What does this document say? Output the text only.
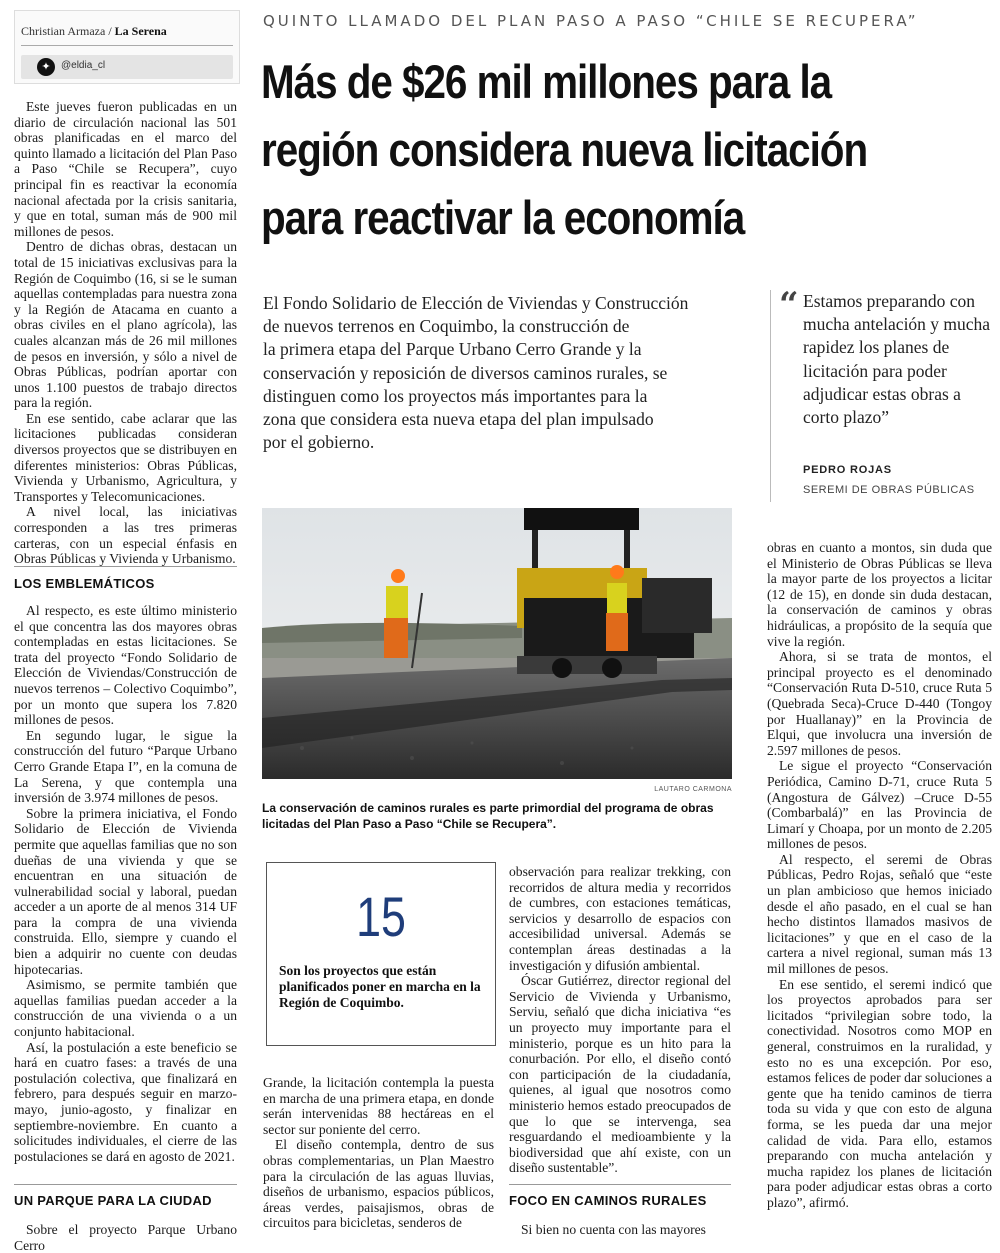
Christian Armaza / La Serena
✦	@eldia_cl
QUINTO LLAMADO DEL PLAN PASO A PASO “CHILE SE RECUPERA”
Más de $26 mil millones para la
región considera nueva licitación
para reactivar la economía
El Fondo Solidario de Elección de Viviendas y Construcción
de nuevos terrenos en Coquimbo, la construcción de
la primera etapa del Parque Urbano Cerro Grande y la
conservación y reposición de diversos caminos rurales, se
distinguen como los proyectos más importantes para la
zona que considera esta nueva etapa del plan impulsado
por el gobierno.
“ Estamos preparando con mucha antelación y mucha rapidez los planes de licitación para poder adjudicar estas obras a corto plazo”
PEDRO ROJAS
SEREMI DE OBRAS PÚBLICAS
LAUTARO CARMONA
La conservación de caminos rurales es parte primordial del programa de obras licitadas del Plan Paso a Paso “Chile se Recupera”.
15
Son los proyectos que están planificados poner en marcha en la Región de Coquimbo.

Este jueves fueron publicadas en un diario de circulación nacional las 501 obras planificadas en el marco del quinto llamado a licitación del Plan Paso a Paso “Chile se Recupera”, cuyo principal fin es reactivar la economía nacional afectada por la crisis sanitaria, y que en total, suman más de 900 mil millones de pesos.

Dentro de dichas obras, destacan un total de 15 iniciativas exclusivas para la Región de Coquimbo (16, si se le suman aquellas contempladas para nuestra zona y la Región de Atacama en cuanto a obras civiles en el plano agrícola), las cuales alcanzan más de 26 mil millones de pesos en inversión, y sólo a nivel de Obras Públicas, podrían aportar con unos 1.100 puestos de trabajo directos para la región.

En ese sentido, cabe aclarar que las licitaciones publicadas consideran diversos proyectos que se distribuyen en diferentes ministerios: Obras Públicas, Vivienda y Urbanismo, Agricultura, y Transportes y Telecomunicaciones.

A nivel local, las iniciativas corresponden a las tres primeras carteras, con un especial énfasis en Obras Públicas y Vivienda y Urbanismo.

LOS EMBLEMÁTICOS

Al respecto, es este último ministerio el que concentra las dos mayores obras contempladas en estas licitaciones. Se trata del proyecto “Fondo Solidario de Elección de Viviendas/Construcción de nuevos terrenos – Colectivo Coquimbo”, por un monto que supera los 7.820 millones de pesos.

En segundo lugar, le sigue la construcción del futuro “Parque Urbano Cerro Grande Etapa I”, en la comuna de La Serena, y que contempla una inversión de 3.974 millones de pesos.

Sobre la primera iniciativa, el Fondo Solidario de Elección de Vivienda permite que aquellas familias que no son dueñas de una vivienda y que se encuentran en una situación de vulnerabilidad social y laboral, puedan acceder a un aporte de al menos 314 UF para la compra de una vivienda construida. Ello, siempre y cuando el bien a adquirir no cuente con deudas hipotecarias.

Asimismo, se permite también que aquellas familias puedan acceder a la construcción de una vivienda o a un conjunto habitacional.

Así, la postulación a este beneficio se hará en cuatro fases: a través de una postulación colectiva, que finalizará en febrero, para después seguir en marzo-mayo, junio-agosto, y finalizar en septiembre-noviembre. En cuanto a solicitudes individuales, el cierre de las postulaciones se dará en agosto de 2021.

UN PARQUE PARA LA CIUDAD

Sobre el proyecto Parque Urbano Cerro

Grande, la licitación contempla la puesta en marcha de una primera etapa, en donde serán intervenidas 88 hectáreas en el sector sur poniente del cerro.

El diseño contempla, dentro de sus obras complementarias, un Plan Maestro para la circulación de las aguas lluvias, diseños de urbanismo, espacios públicos, áreas verdes, paisajismos, obras de circuitos para bicicletas, senderos de

observación para realizar trekking, con recorridos de altura media y recorridos de cumbres, con estaciones temáticas, servicios y desarrollo de espacios con accesibilidad universal. Además se contemplan áreas destinadas a la investigación y difusión ambiental.

Óscar Gutiérrez, director regional del Servicio de Vivienda y Urbanismo, Serviu, señaló que dicha iniciativa “es un proyecto muy importante para el ministerio, porque es un hito para la conurbación. Por ello, el diseño contó con participación de la ciudadanía, quienes, al igual que nosotros como ministerio hemos estado preocupados de que lo que se intervenga, sea resguardando el medioambiente y la biodiversidad que ahí existe, con un diseño sustentable”.

FOCO EN CAMINOS RURALES

Si bien no cuenta con las mayores

obras en cuanto a montos, sin duda que el Ministerio de Obras Públicas se lleva la mayor parte de los proyectos a licitar (12 de 15), en donde sin duda destacan, la conservación de caminos y obras hidráulicas, a propósito de la sequía que vive la región.

Ahora, si se trata de montos, el principal proyecto es el denominado “Conservación Ruta D-510, cruce Ruta 5 (Quebrada Seca)-Cruce D-440 (Tongoy por Huallanay)” en la Provincia de Elqui, que involucra una inversión de 2.597 millones de pesos.

Le sigue el proyecto “Conservación Periódica, Camino D-71, cruce Ruta 5 (Angostura de Gálvez) –Cruce D-55 (Combarbalá)” en las Provincia de Limarí y Choapa, por un monto de 2.205 millones de pesos.

Al respecto, el seremi de Obras Públicas, Pedro Rojas, señaló que “este un plan ambicioso que hemos iniciado desde el año pasado, en el cual se han hecho distintos llamados masivos de licitaciones” y que en el caso de la cartera a nivel regional, suman más 13 mil millones de pesos.

En ese sentido, el seremi indicó que los proyectos aprobados para ser licitados “privilegian sobre todo, la conectividad. Nosotros como MOP en general, construimos en la ruralidad, y esto no es una excepción. Por eso, estamos felices de poder dar soluciones a gente que ha tenido caminos de tierra toda su vida y que con esto de alguna forma, se les pueda dar una mejor calidad de vida. Para ello, estamos preparando con mucha antelación y mucha rapidez los planes de licitación para poder adjudicar estas obras a corto plazo”, afirmó.
